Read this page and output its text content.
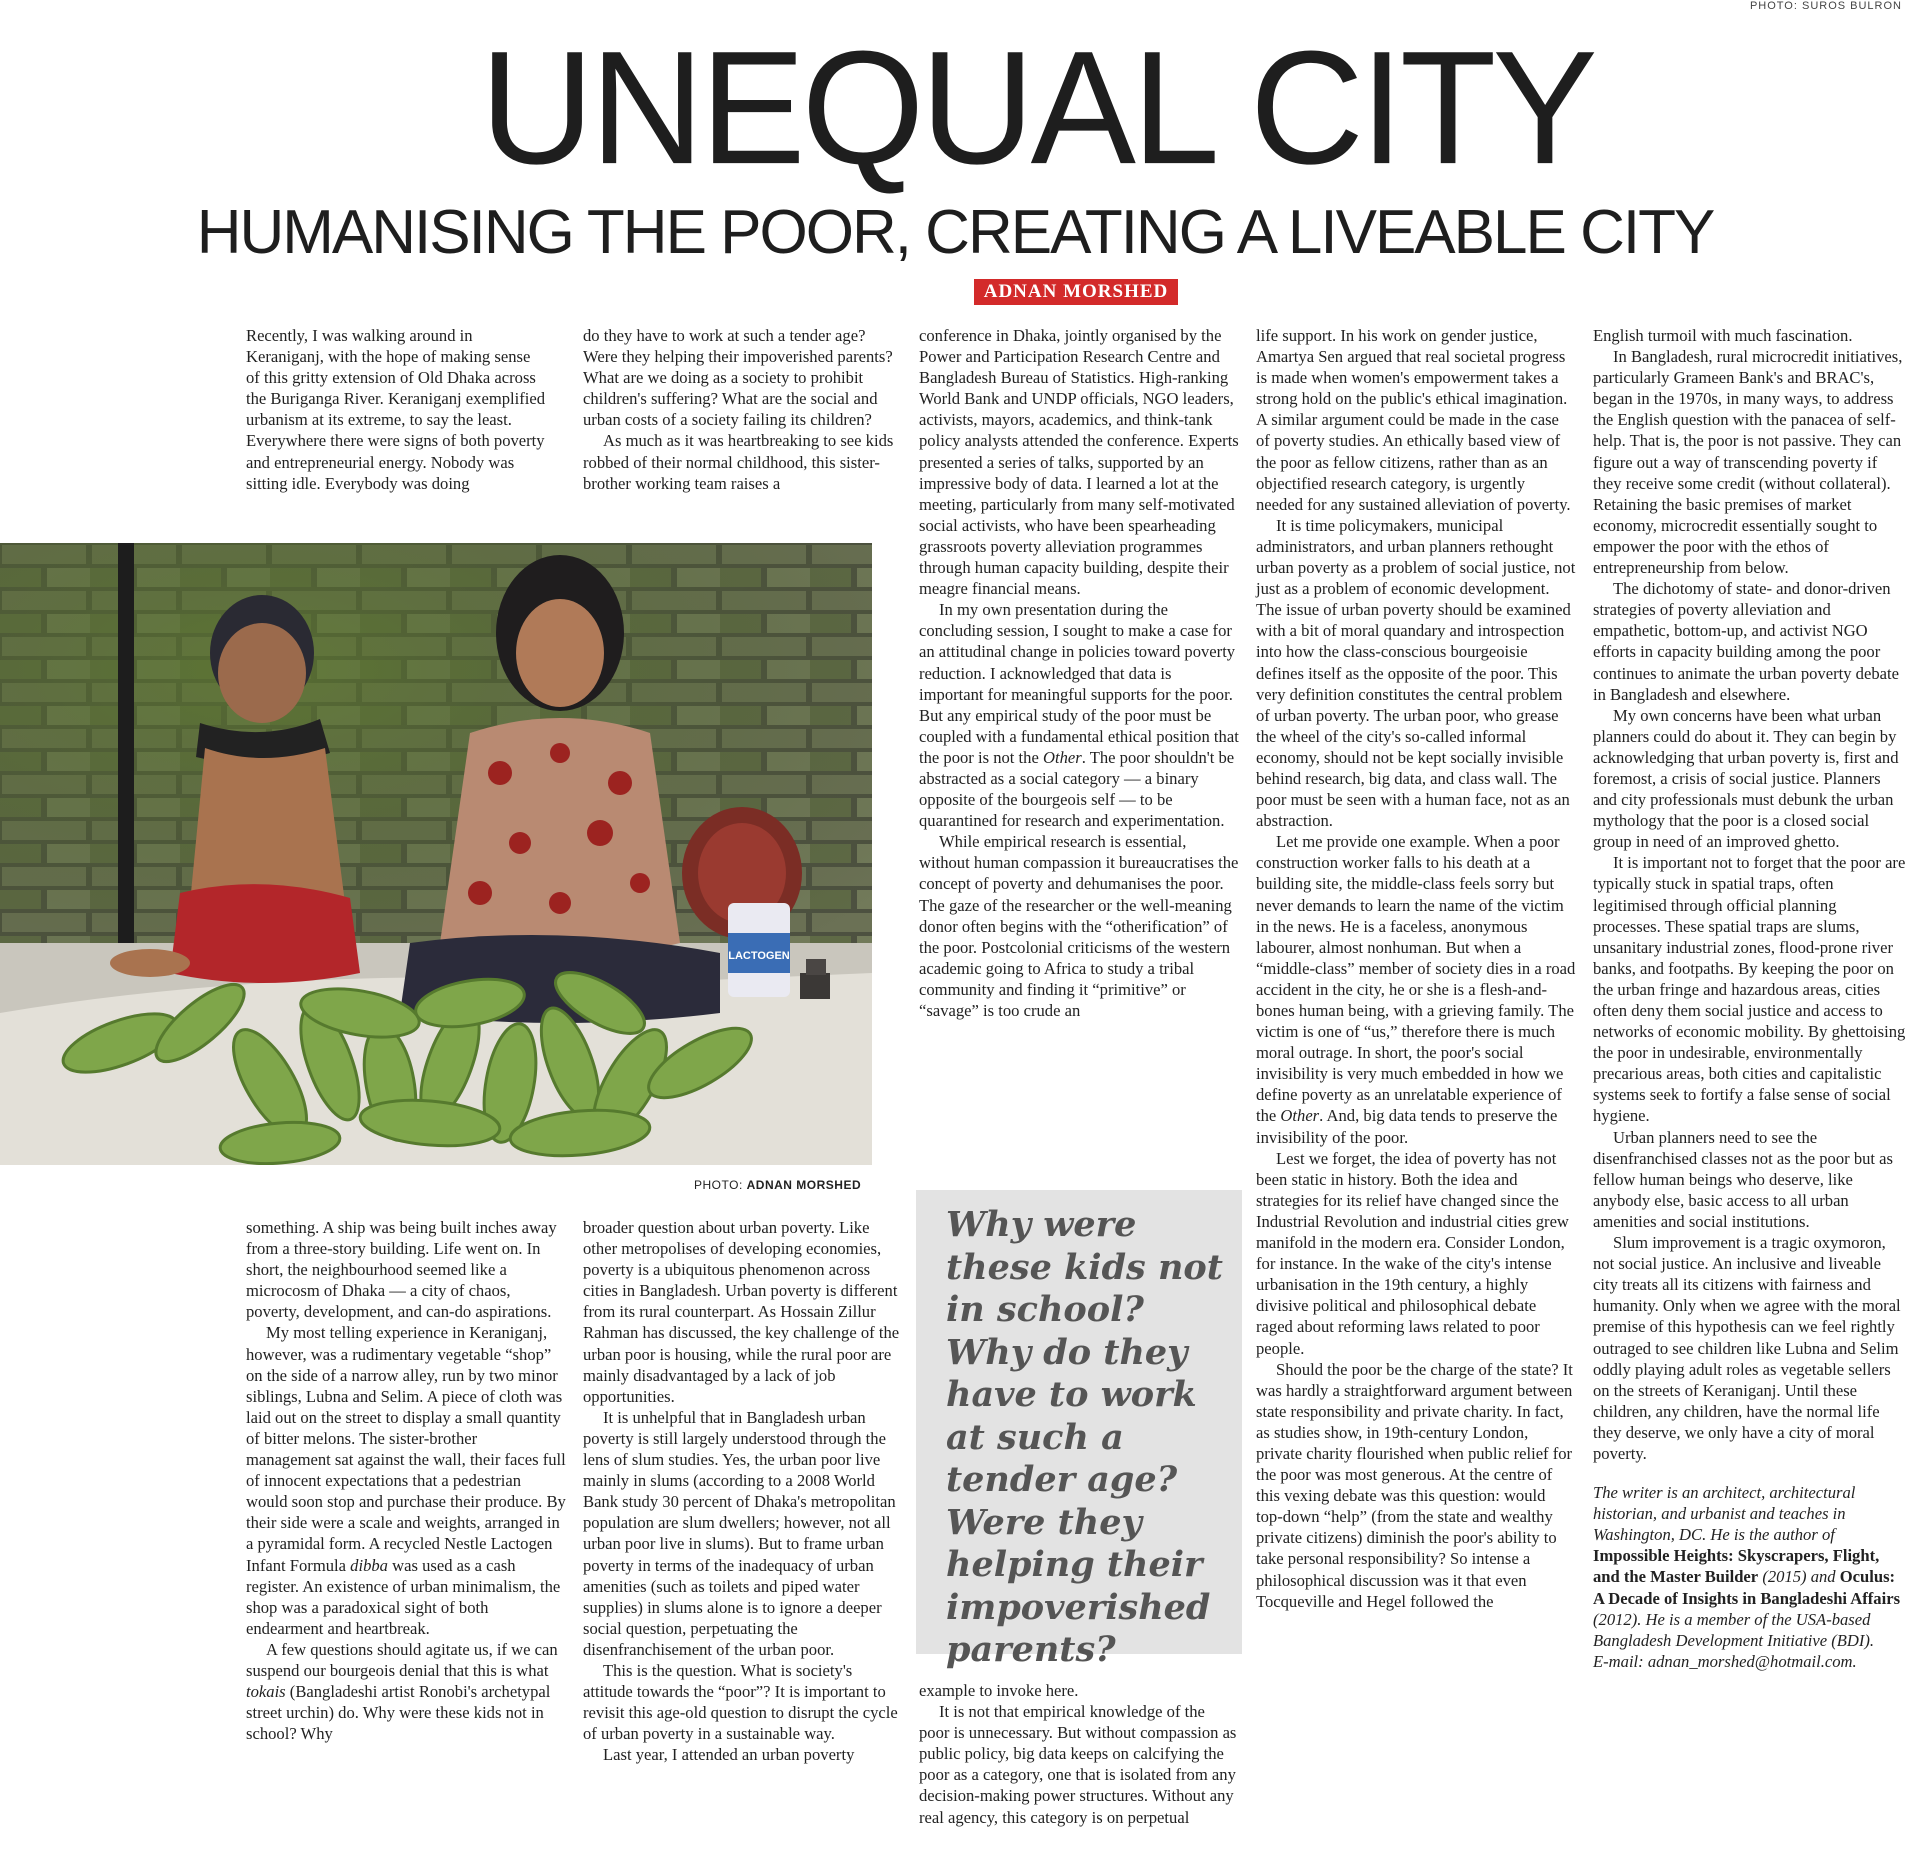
PHOTO: SUROS BULRON
UNEQUAL CITY
HUMANISING THE POOR, CREATING A LIVEABLE CITY
ADNAN MORSHED

Recently, I was walking around in Keraniganj, with the hope of making sense of this gritty extension of Old Dhaka across the Buriganga River. Keraniganj exemplified urbanism at its extreme, to say the least. Everywhere there were signs of both poverty and entrepreneurial energy. Nobody was sitting idle. Everybody was doing

do they have to work at such a tender age? Were they helping their impoverished parents? What are we doing as a society to prohibit children's suffering? What are the social and urban costs of a society failing its children?

As much as it was heartbreaking to see kids robbed of their normal childhood, this sister-brother working team raises a

LACTOGEN
PHOTO: ADNAN MORSHED

something. A ship was being built inches away from a three-story building. Life went on. In short, the neighbourhood seemed like a microcosm of Dhaka — a city of chaos, poverty, development, and can-do aspirations.

My most telling experience in Keraniganj, however, was a rudimentary vegetable “shop” on the side of a narrow alley, run by two minor siblings, Lubna and Selim. A piece of cloth was laid out on the street to display a small quantity of bitter melons. The sister-brother management sat against the wall, their faces full of innocent expectations that a pedestrian would soon stop and purchase their produce. By their side were a scale and weights, arranged in a pyramidal form. A recycled Nestle Lactogen Infant Formula dibba was used as a cash register. An existence of urban minimalism, the shop was a paradoxical sight of both endearment and heartbreak.

A few questions should agitate us, if we can suspend our bourgeois denial that this is what tokais (Bangladeshi artist Ronobi's archetypal street urchin) do. Why were these kids not in school? Why

broader question about urban poverty. Like other metropolises of developing economies, poverty is a ubiquitous phenomenon across cities in Bangladesh. Urban poverty is different from its rural counterpart. As Hossain Zillur Rahman has discussed, the key challenge of the urban poor is housing, while the rural poor are mainly disadvantaged by a lack of job opportunities.

It is unhelpful that in Bangladesh urban poverty is still largely understood through the lens of slum studies. Yes, the urban poor live mainly in slums (according to a 2008 World Bank study 30 percent of Dhaka's metropolitan population are slum dwellers; however, not all urban poor live in slums). But to frame urban poverty in terms of the inadequacy of urban amenities (such as toilets and piped water supplies) in slums alone is to ignore a deeper social question, perpetuating the disenfranchisement of the urban poor.

This is the question. What is society's attitude towards the “poor”? It is important to revisit this age-old question to disrupt the cycle of urban poverty in a sustainable way.

Last year, I attended an urban poverty

conference in Dhaka, jointly organised by the Power and Participation Research Centre and Bangladesh Bureau of Statistics. High-ranking World Bank and UNDP officials, NGO leaders, activists, mayors, academics, and think-tank policy analysts attended the conference. Experts presented a series of talks, supported by an impressive body of data. I learned a lot at the meeting, particularly from many self-motivated social activists, who have been spearheading grassroots poverty alleviation programmes through human capacity building, despite their meagre financial means.

In my own presentation during the concluding session, I sought to make a case for an attitudinal change in policies toward poverty reduction. I acknowledged that data is important for meaningful supports for the poor. But any empirical study of the poor must be coupled with a fundamental ethical position that the poor is not the Other. The poor shouldn't be abstracted as a social category — a binary opposite of the bourgeois self — to be quarantined for research and experimentation.

While empirical research is essential, without human compassion it bureaucratises the concept of poverty and dehumanises the poor. The gaze of the researcher or the well-meaning donor often begins with the “otherification” of the poor. Postcolonial criticisms of the western academic going to Africa to study a tribal community and finding it “primitive” or “savage” is too crude an

Why were these kids not in school? Why do they have to work at such a tender age? Were they helping their impoverished parents?

example to invoke here.

It is not that empirical knowledge of the poor is unnecessary. But without compassion as public policy, big data keeps on calcifying the poor as a category, one that is isolated from any decision-making power structures. Without any real agency, this category is on perpetual

life support. In his work on gender justice, Amartya Sen argued that real societal progress is made when women's empowerment takes a strong hold on the public's ethical imagination. A similar argument could be made in the case of poverty studies. An ethically based view of the poor as fellow citizens, rather than as an objectified research category, is urgently needed for any sustained alleviation of poverty.

It is time policymakers, municipal administrators, and urban planners rethought urban poverty as a problem of social justice, not just as a problem of economic development. The issue of urban poverty should be examined with a bit of moral quandary and introspection into how the class-conscious bourgeoisie defines itself as the opposite of the poor. This very definition constitutes the central problem of urban poverty. The urban poor, who grease the wheel of the city's so-called informal economy, should not be kept socially invisible behind research, big data, and class wall. The poor must be seen with a human face, not as an abstraction.

Let me provide one example. When a poor construction worker falls to his death at a building site, the middle-class feels sorry but never demands to learn the name of the victim in the news. He is a faceless, anonymous labourer, almost nonhuman. But when a “middle-class” member of society dies in a road accident in the city, he or she is a flesh-and-bones human being, with a grieving family. The victim is one of “us,” therefore there is much moral outrage. In short, the poor's social invisibility is very much embedded in how we define poverty as an unrelatable experience of the Other. And, big data tends to preserve the invisibility of the poor.

Lest we forget, the idea of poverty has not been static in history. Both the idea and strategies for its relief have changed since the Industrial Revolution and industrial cities grew manifold in the modern era. Consider London, for instance. In the wake of the city's intense urbanisation in the 19th century, a highly divisive political and philosophical debate raged about reforming laws related to poor people.

Should the poor be the charge of the state? It was hardly a straightforward argument between state responsibility and private charity. In fact, as studies show, in 19th-century London, private charity flourished when public relief for the poor was most generous. At the centre of this vexing debate was this question: would top-down “help” (from the state and wealthy private citizens) diminish the poor's ability to take personal responsibility? So intense a philosophical discussion was it that even Tocqueville and Hegel followed the

English turmoil with much fascination.

In Bangladesh, rural microcredit initiatives, particularly Grameen Bank's and BRAC's, began in the 1970s, in many ways, to address the English question with the panacea of self-help. That is, the poor is not passive. They can figure out a way of transcending poverty if they receive some credit (without collateral). Retaining the basic premises of market economy, microcredit essentially sought to empower the poor with the ethos of entrepreneurship from below.

The dichotomy of state- and donor-driven strategies of poverty alleviation and empathetic, bottom-up, and activist NGO efforts in capacity building among the poor continues to animate the urban poverty debate in Bangladesh and elsewhere.

My own concerns have been what urban planners could do about it. They can begin by acknowledging that urban poverty is, first and foremost, a crisis of social justice. Planners and city professionals must debunk the urban mythology that the poor is a closed social group in need of an improved ghetto.

It is important not to forget that the poor are typically stuck in spatial traps, often legitimised through official planning processes. These spatial traps are slums, unsanitary industrial zones, flood-prone river banks, and footpaths. By keeping the poor on the urban fringe and hazardous areas, cities often deny them social justice and access to networks of economic mobility. By ghettoising the poor in undesirable, environmentally precarious areas, both cities and capitalistic systems seek to fortify a false sense of social hygiene.

Urban planners need to see the disenfranchised classes not as the poor but as fellow human beings who deserve, like anybody else, basic access to all urban amenities and social institutions.

Slum improvement is a tragic oxymoron, not social justice. An inclusive and liveable city treats all its citizens with fairness and humanity. Only when we agree with the moral premise of this hypothesis can we feel rightly outraged to see children like Lubna and Selim oddly playing adult roles as vegetable sellers on the streets of Keraniganj. Until these children, any children, have the normal life they deserve, we only have a city of moral poverty.

The writer is an architect, architectural historian, and urbanist and teaches in Washington, DC. He is the author of Impossible Heights: Skyscrapers, Flight, and the Master Builder (2015) and Oculus: A Decade of Insights in Bangladeshi Affairs (2012). He is a member of the USA-based Bangladesh Development Initiative (BDI).
E-mail: adnan_morshed@hotmail.com.
